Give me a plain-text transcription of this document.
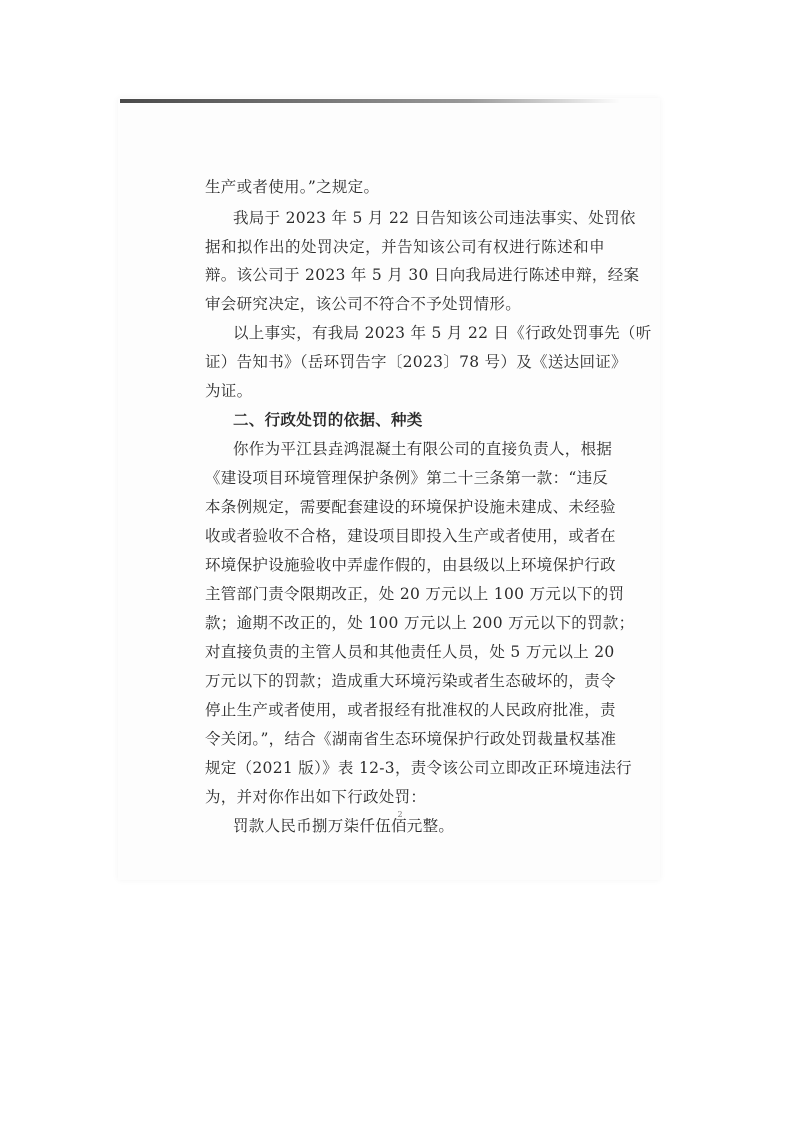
生产或者使用。”之规定。
我局于 2023 年 5 月 22 日告知该公司违法事实、处罚依
据和拟作出的处罚决定，并告知该公司有权进行陈述和申
辩。该公司于 2023 年 5 月 30 日向我局进行陈述申辩，经案
审会研究决定，该公司不符合不予处罚情形。
以上事实，有我局 2023 年 5 月 22 日《行政处罚事先（听
证）告知书》（岳环罚告字〔2023〕78 号）及《送达回证》
为证。
二、行政处罚的依据、种类
你作为平江县垚鸿混凝土有限公司的直接负责人，根据
《建设项目环境管理保护条例》第二十三条第一款：“违反
本条例规定，需要配套建设的环境保护设施未建成、未经验
收或者验收不合格，建设项目即投入生产或者使用，或者在
环境保护设施验收中弄虚作假的，由县级以上环境保护行政
主管部门责令限期改正，处 20 万元以上 100 万元以下的罚
款；逾期不改正的，处 100 万元以上 200 万元以下的罚款；
对直接负责的主管人员和其他责任人员，处 5 万元以上 20
万元以下的罚款；造成重大环境污染或者生态破坏的，责令
停止生产或者使用，或者报经有批准权的人民政府批准，责
令关闭。”，结合《湖南省生态环境保护行政处罚裁量权基准
规定（2021 版）》表 12-3，责令该公司立即改正环境违法行
为，并对你作出如下行政处罚：
罚款人民币捌万柒仟伍佰元整。
2
